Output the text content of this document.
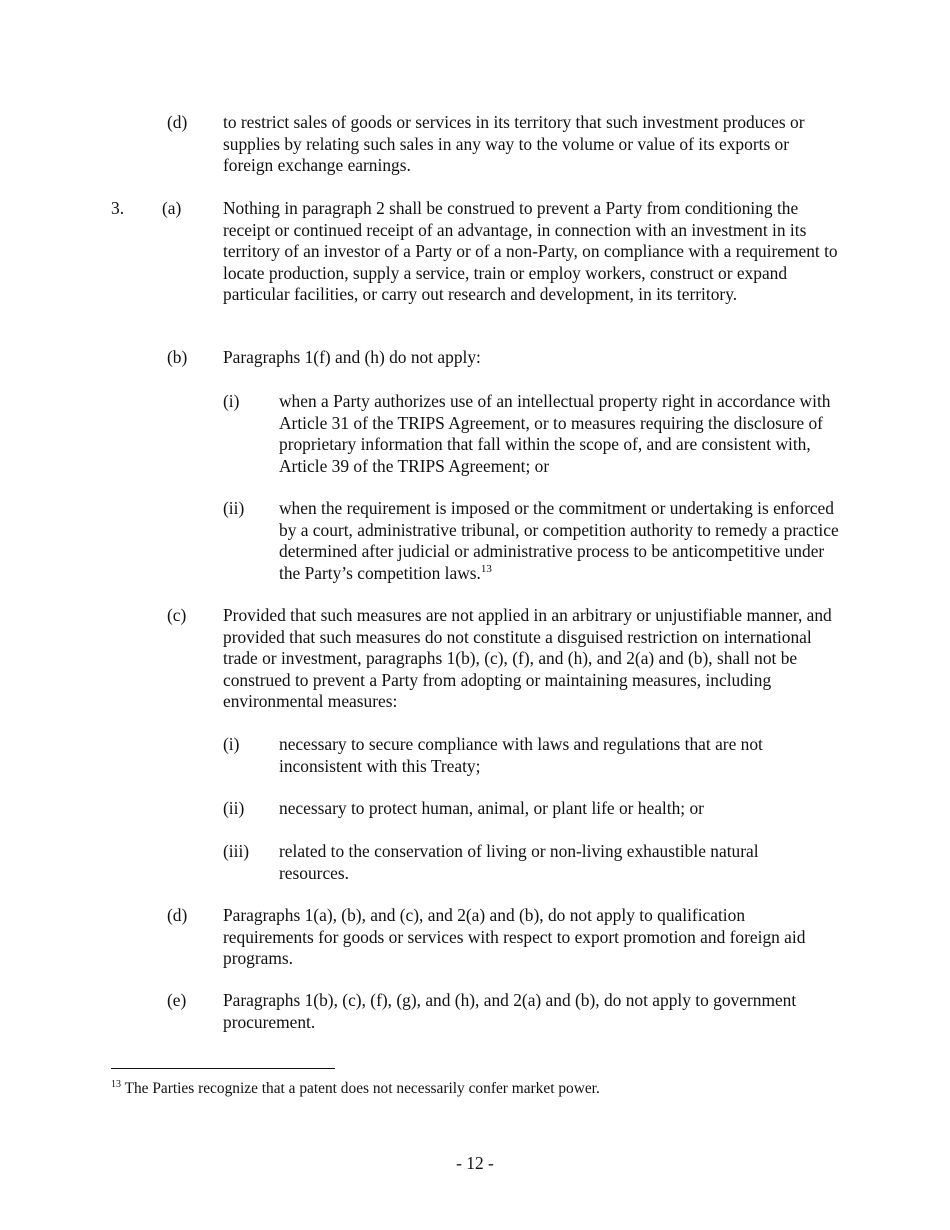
(d) to restrict sales of goods or services in its territory that such investment produces or supplies by relating such sales in any way to the volume or value of its exports or foreign exchange earnings.
3. (a) Nothing in paragraph 2 shall be construed to prevent a Party from conditioning the receipt or continued receipt of an advantage, in connection with an investment in its territory of an investor of a Party or of a non-Party, on compliance with a requirement to locate production, supply a service, train or employ workers, construct or expand particular facilities, or carry out research and development, in its territory.
(b) Paragraphs 1(f) and (h) do not apply:
(i) when a Party authorizes use of an intellectual property right in accordance with Article 31 of the TRIPS Agreement, or to measures requiring the disclosure of proprietary information that fall within the scope of, and are consistent with, Article 39 of the TRIPS Agreement; or
(ii) when the requirement is imposed or the commitment or undertaking is enforced by a court, administrative tribunal, or competition authority to remedy a practice determined after judicial or administrative process to be anticompetitive under the Party’s competition laws.$^{13}$
(c) Provided that such measures are not applied in an arbitrary or unjustifiable manner, and provided that such measures do not constitute a disguised restriction on international trade or investment, paragraphs 1(b), (c), (f), and (h), and 2(a) and (b), shall not be construed to prevent a Party from adopting or maintaining measures, including environmental measures:
(i) necessary to secure compliance with laws and regulations that are not inconsistent with this Treaty;
(ii) necessary to protect human, animal, or plant life or health; or
(iii) related to the conservation of living or non-living exhaustible natural resources.
(d) Paragraphs 1(a), (b), and (c), and 2(a) and (b), do not apply to qualification requirements for goods or services with respect to export promotion and foreign aid programs.
(e) Paragraphs 1(b), (c), (f), (g), and (h), and 2(a) and (b), do not apply to government procurement.
$^{13}$ The Parties recognize that a patent does not necessarily confer market power.
- 12 -
